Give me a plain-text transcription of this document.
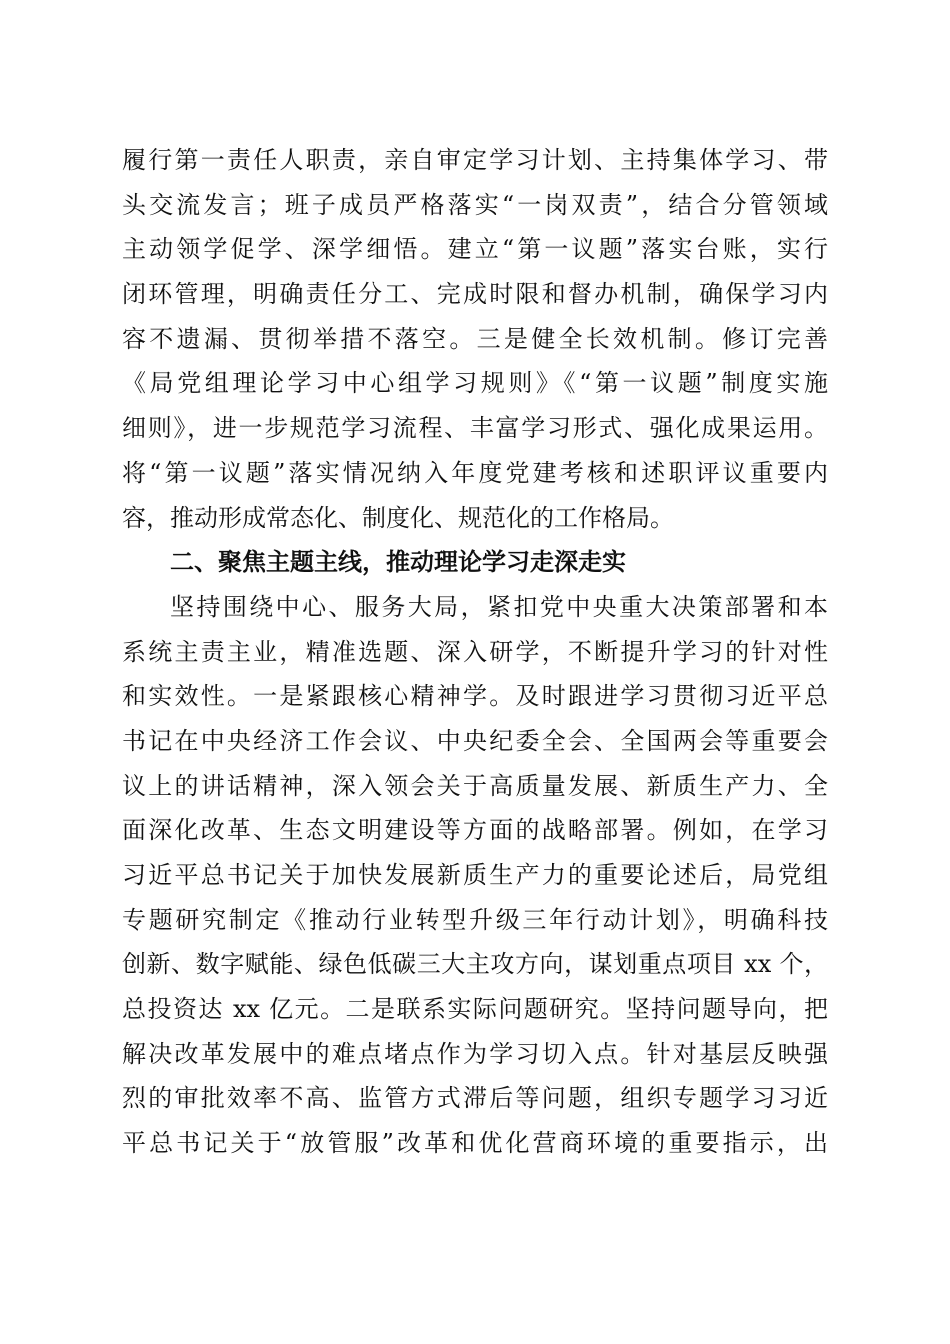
履行第一责任人职责，亲自审定学习计划、主持集体学习、带
头交流发言；班子成员严格落实“一岗双责”，结合分管领域
主动领学促学、深学细悟。建立“第一议题”落实台账，实行
闭环管理，明确责任分工、完成时限和督办机制，确保学习内
容不遗漏、贯彻举措不落空。三是健全长效机制。修订完善
《局党组理论学习中心组学习规则》《“第一议题”制度实施
细则》，进一步规范学习流程、丰富学习形式、强化成果运用。
将“第一议题”落实情况纳入年度党建考核和述职评议重要内
容，推动形成常态化、制度化、规范化的工作格局。
二、聚焦主题主线，推动理论学习走深走实
坚持围绕中心、服务大局，紧扣党中央重大决策部署和本
系统主责主业，精准选题、深入研学，不断提升学习的针对性
和实效性。一是紧跟核心精神学。及时跟进学习贯彻习近平总
书记在中央经济工作会议、中央纪委全会、全国两会等重要会
议上的讲话精神，深入领会关于高质量发展、新质生产力、全
面深化改革、生态文明建设等方面的战略部署。例如，在学习
习近平总书记关于加快发展新质生产力的重要论述后，局党组
专题研究制定《推动行业转型升级三年行动计划》，明确科技
创新、数字赋能、绿色低碳三大主攻方向，谋划重点项目 xx 个，
总投资达 xx 亿元。二是联系实际问题研究。坚持问题导向，把
解决改革发展中的难点堵点作为学习切入点。针对基层反映强
烈的审批效率不高、监管方式滞后等问题，组织专题学习习近
平总书记关于“放管服”改革和优化营商环境的重要指示，出
